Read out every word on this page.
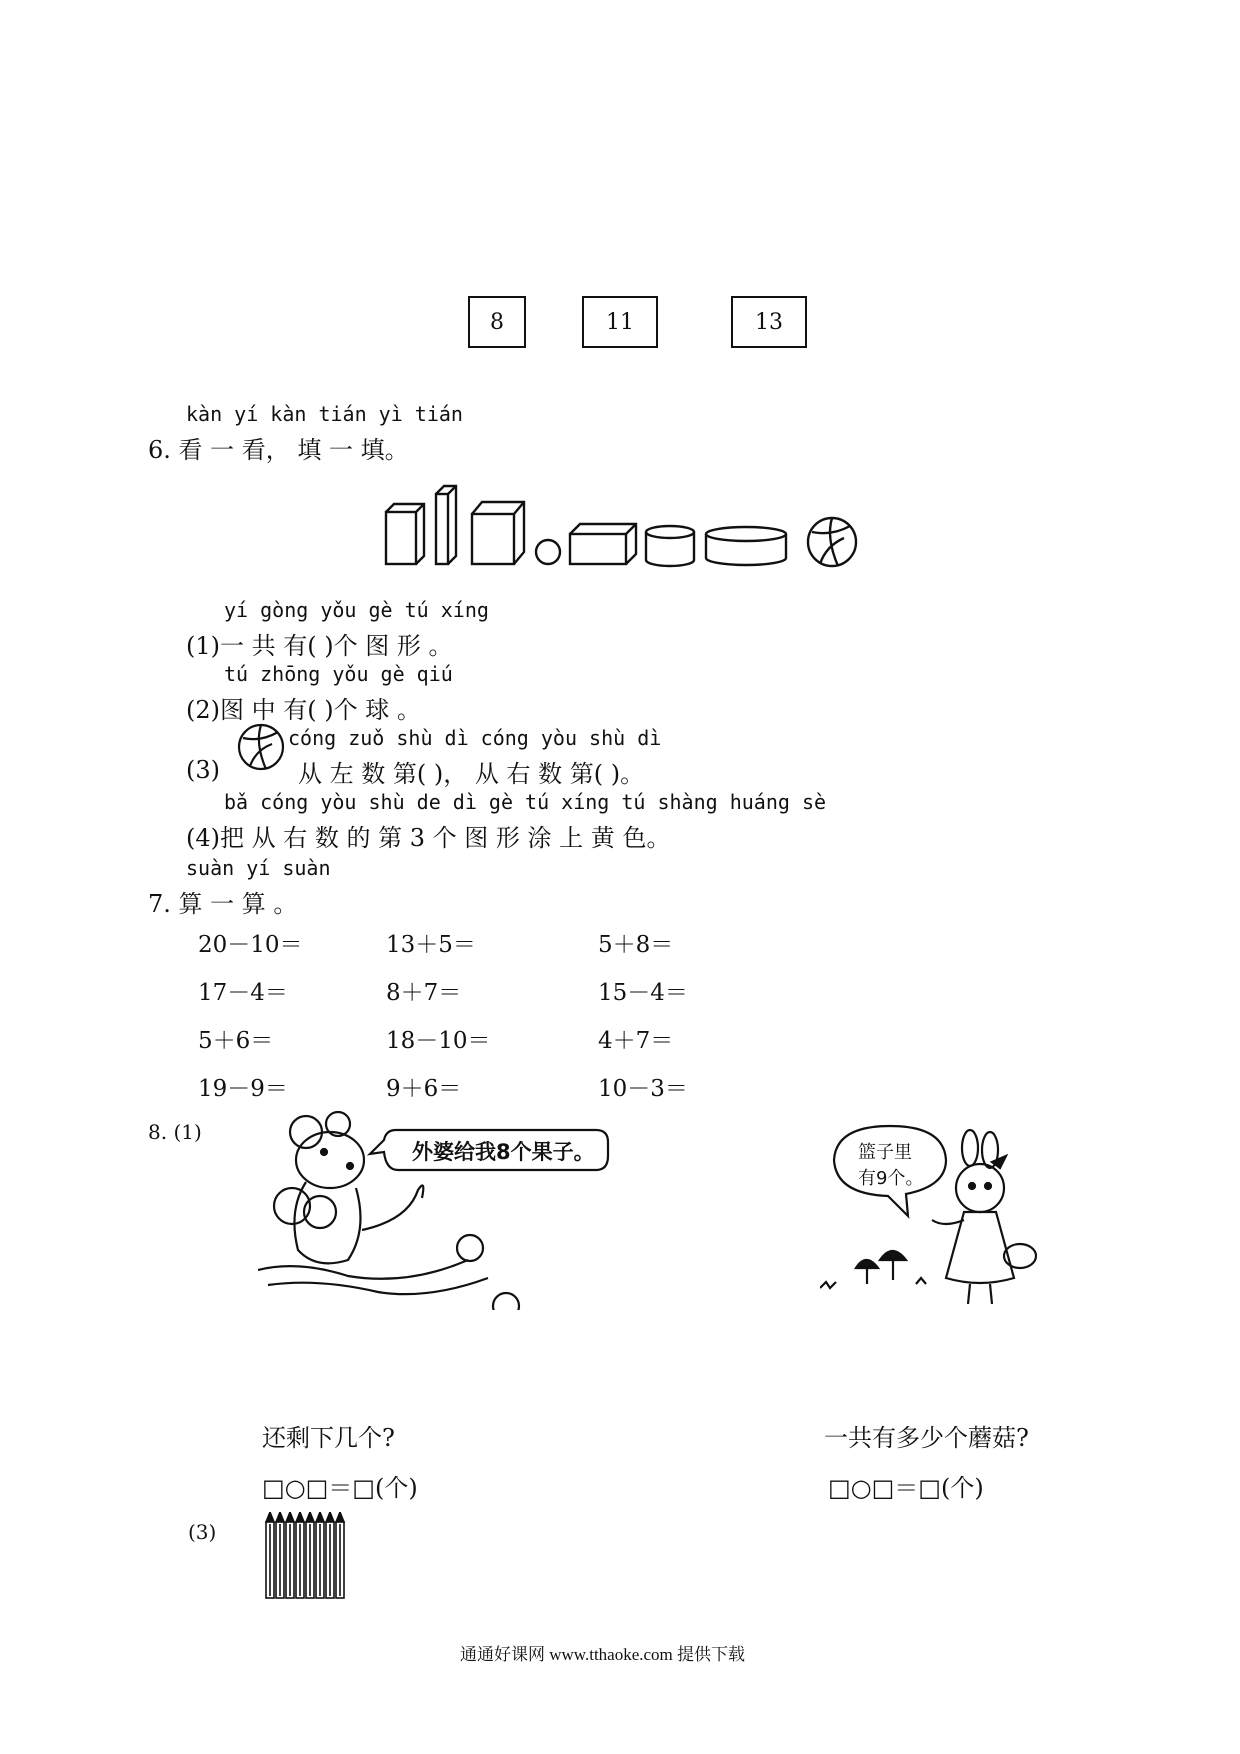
8	11	13
kàn yí kàn tián yì tián
6. 看 一 看， 填 一 填。
yí gòng yǒu gè tú xíng
(1)一 共 有( )个 图 形 。
tú zhōng yǒu gè qiú
(2)图 中 有( )个 球 。
cóng zuǒ shù dì cóng yòu shù dì
(3)	从 左 数 第( )， 从 右 数 第( )。
bǎ cóng yòu shù de dì gè tú xíng tú shàng huáng sè
(4)把 从 右 数 的 第 3 个 图 形 涂 上 黄 色。
suàn yí suàn
7. 算 一 算 。
20－10＝	13＋5＝	5＋8＝
17－4＝	8＋7＝	15－4＝
5＋6＝	18－10＝	4＋7＝
19－9＝	9＋6＝	10－3＝
8. (1)
外婆给我8个果子。	篮子里
有9个。
还剩下几个?	一共有多少个蘑菇?
□○□＝□(个)	□○□＝□(个)
(3)
通通好课网 www.tthaoke.com 提供下载
